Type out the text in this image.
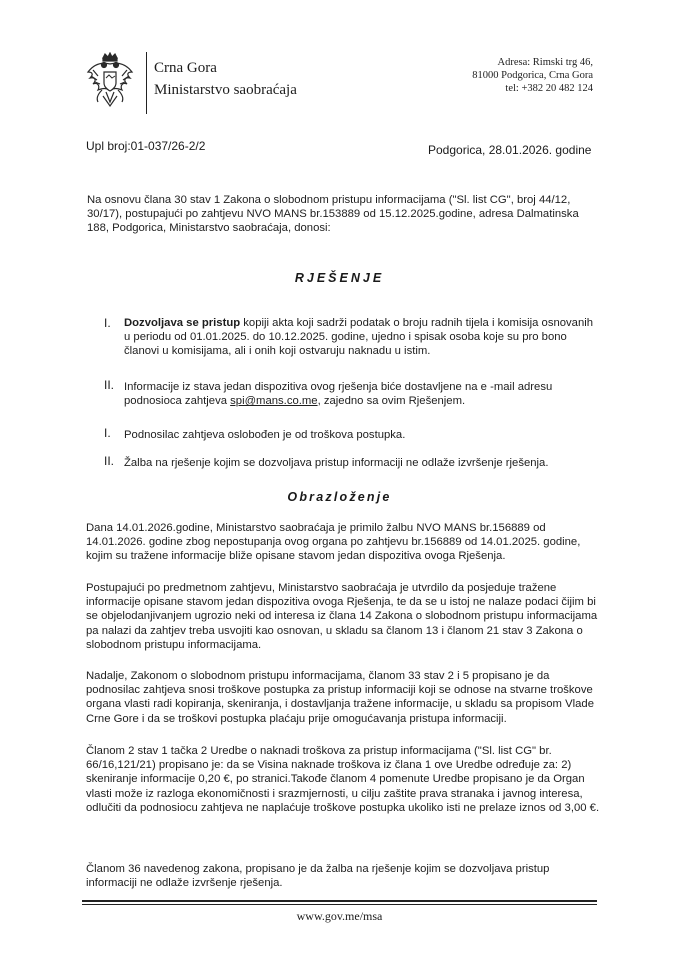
Crna Gora
Ministarstvo saobraćaja
Adresa: Rimski trg 46,
81000 Podgorica, Crna Gora
tel: +382 20 482 124
Upl broj:01-037/26-2/2	Podgorica, 28.01.2026. godine
Na osnovu člana 30 stav 1 Zakona o slobodnom pristupu informacijama ("Sl. list CG", broj 44/12, 30/17), postupajući po zahtjevu NVO MANS br.153889 od 15.12.2025.godine, adresa Dalmatinska 188, Podgorica, Ministarstvo saobraćaja, donosi:
RJEŠENJE
I. Dozvoljava se pristup kopiji akta koji sadrži podatak o broju radnih tijela i komisija osnovanih u periodu od 01.01.2025. do 10.12.2025. godine, ujedno i spisak osoba koje su pro bono članovi u komisijama, ali i onih koji ostvaruju naknadu u istim.
II. Informacije iz stava jedan dispozitiva ovog rješenja biće dostavljene na e -mail adresu podnosioca zahtjeva spi@mans.co.me, zajedno sa ovim Rješenjem.
I. Podnosilac zahtjeva oslobođen je od troškova postupka.
II. Žalba na rješenje kojim se dozvoljava pristup informaciji ne odlaže izvršenje rješenja.
Obrazloženje
Dana 14.01.2026.godine, Ministarstvo saobraćaja je primilo žalbu NVO MANS br.156889 od 14.01.2026. godine zbog nepostupanja ovog organa po zahtjevu br.156889 od 14.01.2025. godine, kojim su tražene informacije bliže opisane stavom jedan dispozitiva ovoga Rješenja.
Postupajući po predmetnom zahtjevu, Ministarstvo saobraćaja je utvrdilo da posjeduje tražene informacije opisane stavom jedan dispozitiva ovoga Rješenja, te da se u istoj ne nalaze podaci čijim bi se objelodanjivanjem ugrozio neki od interesa iz člana 14 Zakona o slobodnom pristupu informacijama pa nalazi da zahtjev treba usvojiti kao osnovan, u skladu sa članom 13 i članom 21 stav 3 Zakona o slobodnom pristupu informacijama.
Nadalje, Zakonom o slobodnom pristupu informacijama, članom 33 stav 2 i 5 propisano je da podnosilac zahtjeva snosi troškove postupka za pristup informaciji koji se odnose na stvarne troškove organa vlasti radi kopiranja, skeniranja, i dostavljanja tražene informacije, u skladu sa propisom Vlade Crne Gore i da se troškovi postupka plaćaju prije omogućavanja pristupa informaciji.
Članom 2 stav 1 tačka 2 Uredbe o naknadi troškova za pristup informacijama ("Sl. list CG" br. 66/16,121/21) propisano je: da se Visina naknade troškova iz člana 1 ove Uredbe određuje za: 2) skeniranje informacije 0,20 €, po stranici.Takođe članom 4 pomenute Uredbe propisano je da Organ vlasti može iz razloga ekonomičnosti i srazmjernosti, u cilju zaštite prava stranaka i javnog interesa, odlučiti da podnosiocu zahtjeva ne naplaćuje troškove postupka ukoliko isti ne prelaze iznos od 3,00 €.
Članom 36 navedenog zakona, propisano je da žalba na rješenje kojim se dozvoljava pristup informaciji ne odlaže izvršenje rješenja.
www.gov.me/msa
